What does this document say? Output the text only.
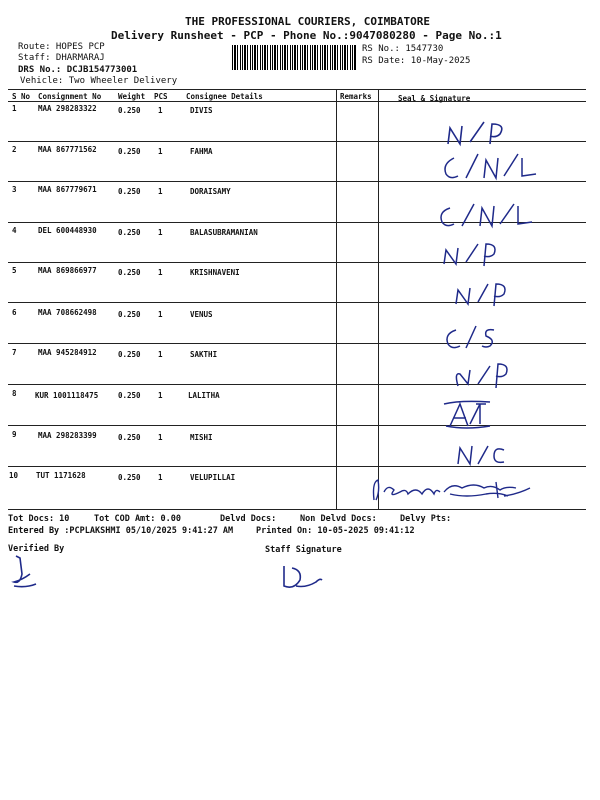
THE PROFESSIONAL COURIERS, COIMBATORE
Delivery Runsheet - PCP - Phone No.:9047080280 - Page No.:1
Route: HOPES PCP
Staff: DHARMARAJ
DRS No.: DCJB154773001
Vehicle: Two Wheeler Delivery
RS No.: 1547730
RS Date: 10-May-2025
S No Consignment No Weight PCS Consignee Details	Remarks	Seal & Signature
1	MAA 298283322	0.250 1	DIVIS
2	MAA 867771562	0.250 1	FAHMA
3	MAA 867779671	0.250 1	DORAISAMY
4	DEL 600448930	0.250 1	BALASUBRAMANIAN
5	MAA 869866977	0.250 1	KRISHNAVENI
6	MAA 708662498	0.250 1	VENUS
7	MAA 945284912	0.250 1	SAKTHI
8 KUR 1001118475	0.250 1	LALITHA
9	MAA 298283399	0.250 1	MISHI
10 TUT 1171628	0.250 1	VELUPILLAI
Tot Docs: 10	Tot COD Amt: 0.00	Delvd Docs:	Non Delvd Docs:	Delvy Pts:
Entered By :PCPLAKSHMI 05/10/2025 9:41:27 AM	Printed On: 10-05-2025 09:41:12
Verified By	Staff Signature
